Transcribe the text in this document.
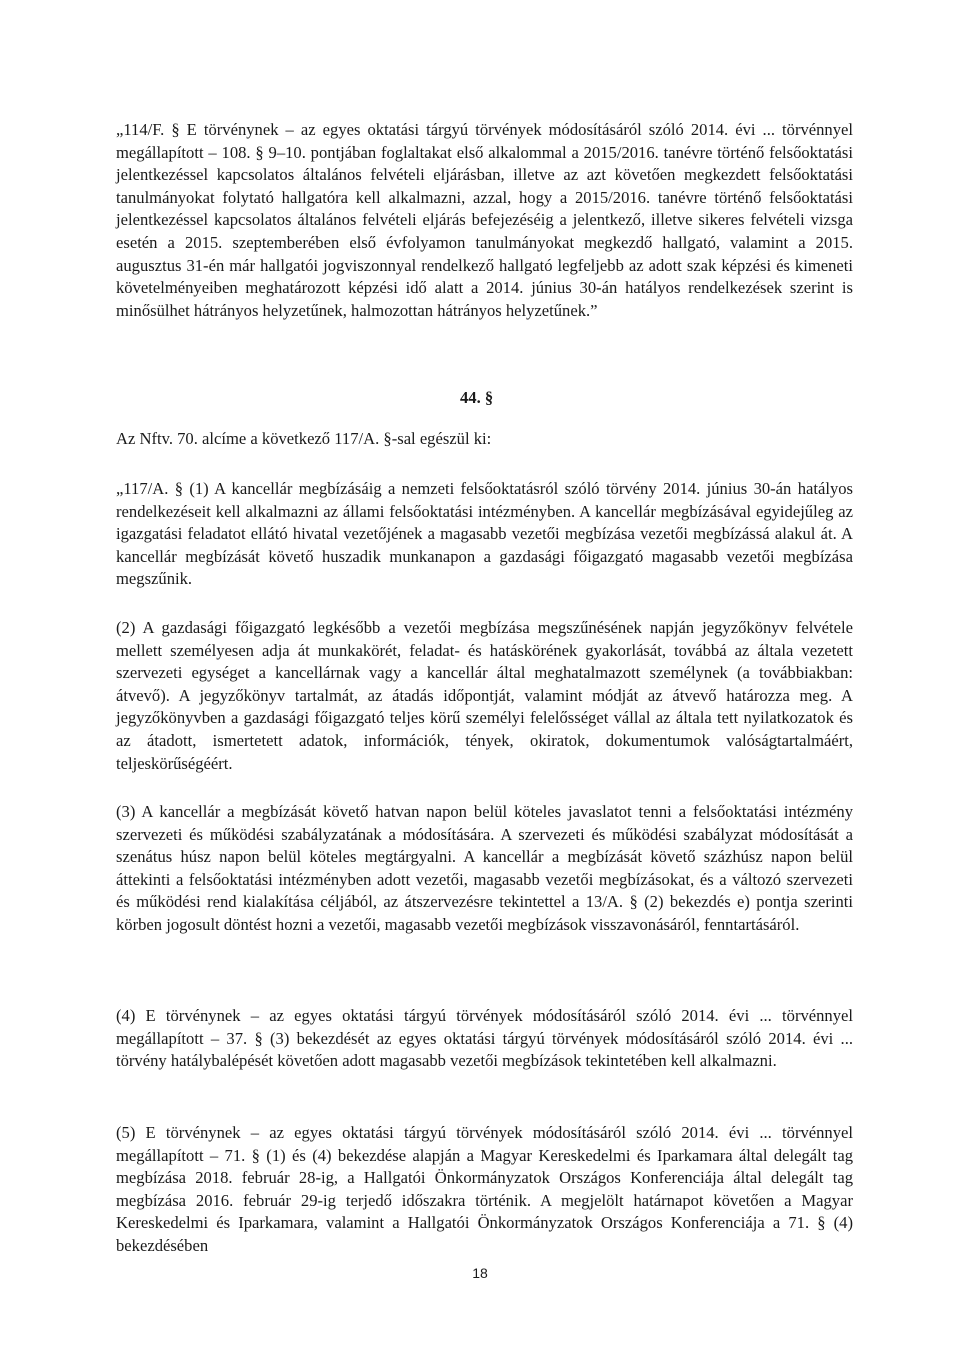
„114/F. § E törvénynek – az egyes oktatási tárgyú törvények módosításáról szóló 2014. évi ... törvénnyel megállapított – 108. § 9–10. pontjában foglaltakat első alkalommal a 2015/2016. tanévre történő felsőoktatási jelentkezéssel kapcsolatos általános felvételi eljárásban, illetve az azt követően megkezdett felsőoktatási tanulmányokat folytató hallgatóra kell alkalmazni, azzal, hogy a 2015/2016. tanévre történő felsőoktatási jelentkezéssel kapcsolatos általános felvételi eljárás befejezéséig a jelentkező, illetve sikeres felvételi vizsga esetén a 2015. szeptemberében első évfolyamon tanulmányokat megkezdő hallgató, valamint a 2015. augusztus 31-én már hallgatói jogviszonnyal rendelkező hallgató legfeljebb az adott szak képzési és kimeneti követelményeiben meghatározott képzési idő alatt a 2014. június 30-án hatályos rendelkezések szerint is minősülhet hátrányos helyzetűnek, halmozottan hátrányos helyzetűnek.”

44. §
Az Nftv. 70. alcíme a következő 117/A. §-sal egészül ki:

„117/A. § (1) A kancellár megbízásáig a nemzeti felsőoktatásról szóló törvény 2014. június 30-án hatályos rendelkezéseit kell alkalmazni az állami felsőoktatási intézményben. A kancellár megbízásával egyidejűleg az igazgatási feladatot ellátó hivatal vezetőjének a magasabb vezetői megbízása vezetői megbízássá alakul át. A kancellár megbízását követő huszadik munkanapon a gazdasági főigazgató magasabb vezetői megbízása megszűnik.

(2) A gazdasági főigazgató legkésőbb a vezetői megbízása megszűnésének napján jegyzőkönyv felvétele mellett személyesen adja át munkakörét, feladat- és hatáskörének gyakorlását, továbbá az általa vezetett szervezeti egységet a kancellárnak vagy a kancellár által meghatalmazott személynek (a továbbiakban: átvevő). A jegyzőkönyv tartalmát, az átadás időpontját, valamint módját az átvevő határozza meg. A jegyzőkönyvben a gazdasági főigazgató teljes körű személyi felelősséget vállal az általa tett nyilatkozatok és az átadott, ismertetett adatok, információk, tények, okiratok, dokumentumok valóságtartalmáért, teljeskörűségéért.

(3) A kancellár a megbízását követő hatvan napon belül köteles javaslatot tenni a felsőoktatási intézmény szervezeti és működési szabályzatának a módosítására. A szervezeti és működési szabályzat módosítását a szenátus húsz napon belül köteles megtárgyalni. A kancellár a megbízását követő százhúsz napon belül áttekinti a felsőoktatási intézményben adott vezetői, magasabb vezetői megbízásokat, és a változó szervezeti és működési rend kialakítása céljából, az átszervezésre tekintettel a 13/A. § (2) bekezdés e) pontja szerinti körben jogosult döntést hozni a vezetői, magasabb vezetői megbízások visszavonásáról, fenntartásáról.

(4) E törvénynek – az egyes oktatási tárgyú törvények módosításáról szóló 2014. évi ... törvénnyel megállapított – 37. § (3) bekezdését az egyes oktatási tárgyú törvények módosításáról szóló 2014. évi ... törvény hatálybalépését követően adott magasabb vezetői megbízások tekintetében kell alkalmazni.

(5) E törvénynek – az egyes oktatási tárgyú törvények módosításáról szóló 2014. évi ... törvénnyel megállapított – 71. § (1) és (4) bekezdése alapján a Magyar Kereskedelmi és Iparkamara által delegált tag megbízása 2018. február 28-ig, a Hallgatói Önkormányzatok Országos Konferenciája által delegált tag megbízása 2016. február 29-ig terjedő időszakra történik. A megjelölt határnapot követően a Magyar Kereskedelmi és Iparkamara, valamint a Hallgatói Önkormányzatok Országos Konferenciája a 71. § (4) bekezdésében

18
